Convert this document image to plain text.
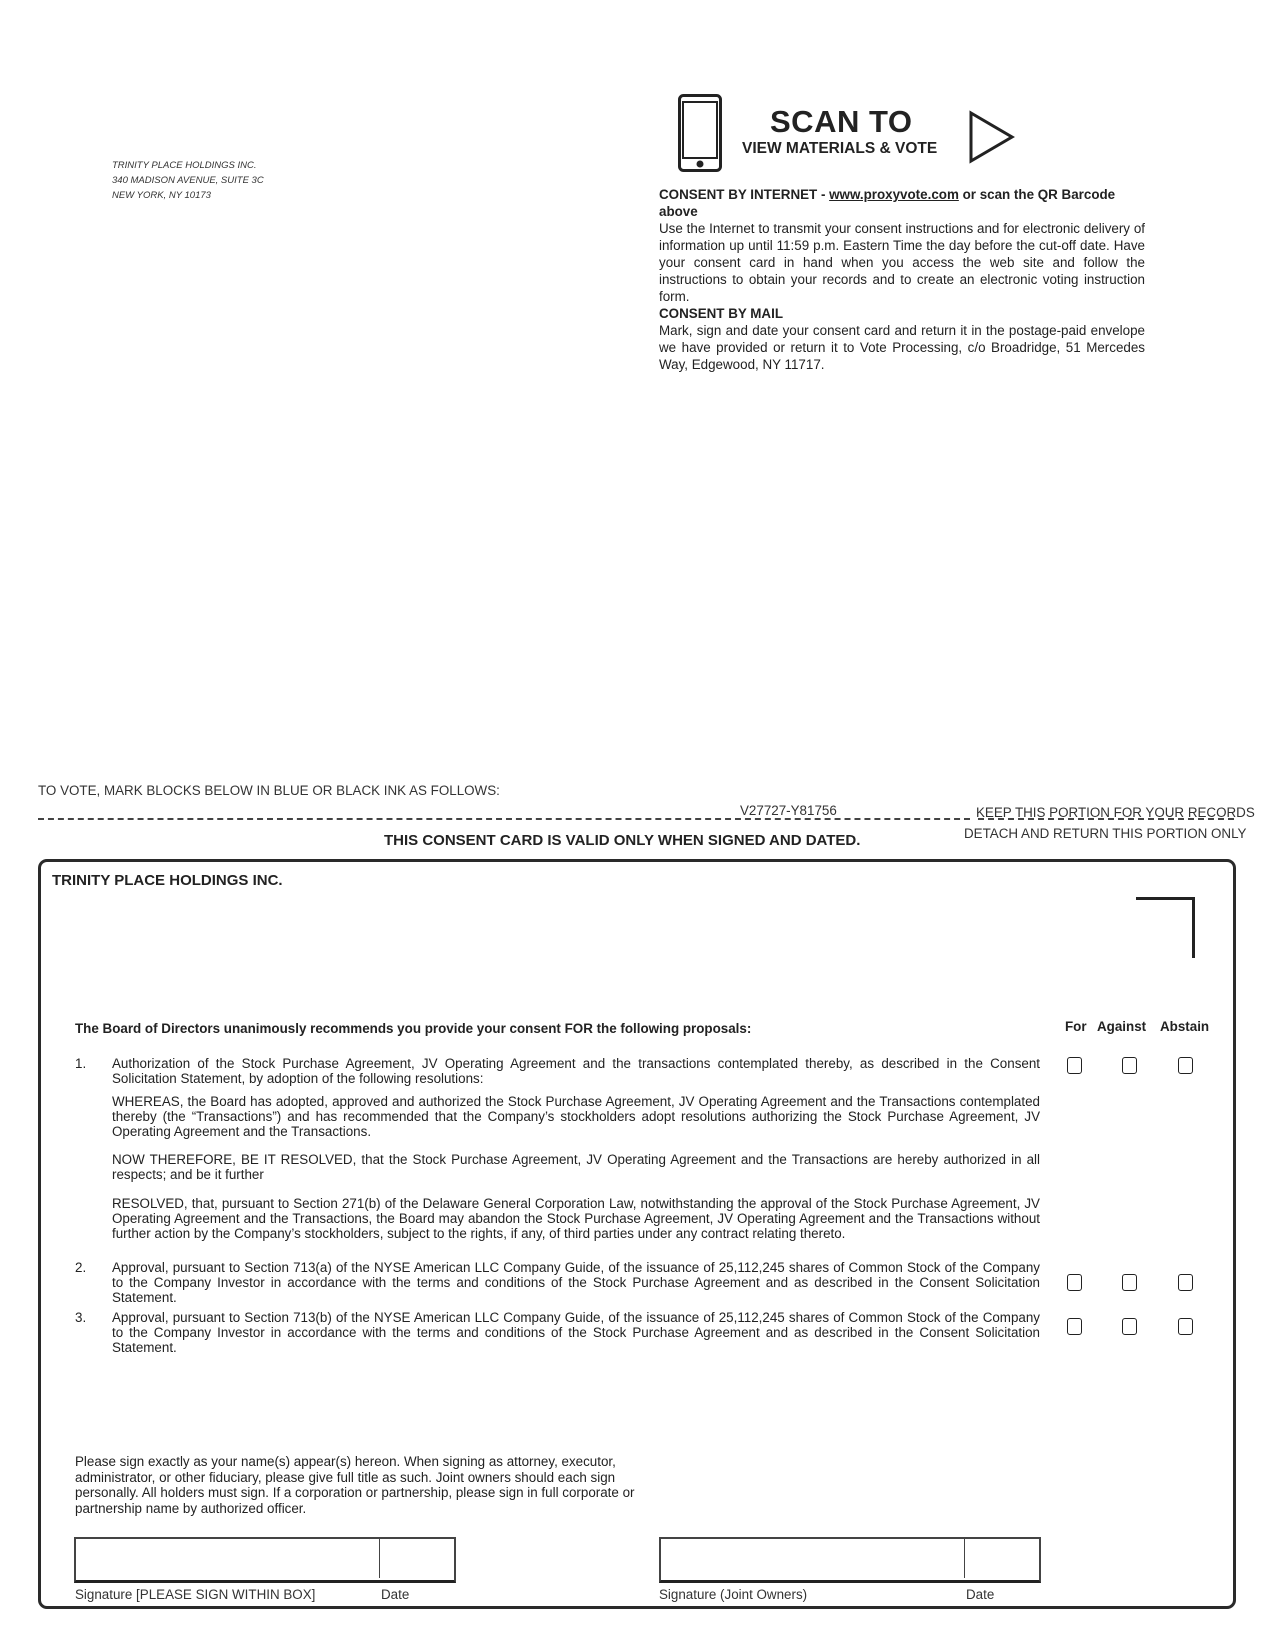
TRINITY PLACE HOLDINGS INC.
340 MADISON AVENUE, SUITE 3C
NEW YORK, NY 10173
SCAN TO
VIEW MATERIALS & VOTE
CONSENT BY INTERNET - www.proxyvote.com or scan the QR Barcode above
Use the Internet to transmit your consent instructions and for electronic delivery of information up until 11:59 p.m. Eastern Time the day before the cut-off date. Have your consent card in hand when you access the web site and follow the instructions to obtain your records and to create an electronic voting instruction form.
CONSENT BY MAIL
Mark, sign and date your consent card and return it in the postage-paid envelope we have provided or return it to Vote Processing, c/o Broadridge, 51 Mercedes Way, Edgewood, NY 11717.
TO VOTE, MARK BLOCKS BELOW IN BLUE OR BLACK INK AS FOLLOWS:
V27727-Y81756	KEEP THIS PORTION FOR YOUR RECORDS
THIS CONSENT CARD IS VALID ONLY WHEN SIGNED AND DATED.	DETACH AND RETURN THIS PORTION ONLY
TRINITY PLACE HOLDINGS INC.
The Board of Directors unanimously recommends you provide your consent FOR the following proposals:	For Against Abstain
1. Authorization of the Stock Purchase Agreement, JV Operating Agreement and the transactions contemplated thereby, as described in the Consent Solicitation Statement, by adoption of the following resolutions:
WHEREAS, the Board has adopted, approved and authorized the Stock Purchase Agreement, JV Operating Agreement and the Transactions contemplated thereby (the “Transactions”) and has recommended that the Company’s stockholders adopt resolutions authorizing the Stock Purchase Agreement, JV Operating Agreement and the Transactions.
NOW THEREFORE, BE IT RESOLVED, that the Stock Purchase Agreement, JV Operating Agreement and the Transactions are hereby authorized in all respects; and be it further
RESOLVED, that, pursuant to Section 271(b) of the Delaware General Corporation Law, notwithstanding the approval of the Stock Purchase Agreement, JV Operating Agreement and the Transactions, the Board may abandon the Stock Purchase Agreement, JV Operating Agreement and the Transactions without further action by the Company’s stockholders, subject to the rights, if any, of third parties under any contract relating thereto.
2. Approval, pursuant to Section 713(a) of the NYSE American LLC Company Guide, of the issuance of 25,112,245 shares of Common Stock of the Company to the Company Investor in accordance with the terms and conditions of the Stock Purchase Agreement and as described in the Consent Solicitation Statement.
3. Approval, pursuant to Section 713(b) of the NYSE American LLC Company Guide, of the issuance of 25,112,245 shares of Common Stock of the Company to the Company Investor in accordance with the terms and conditions of the Stock Purchase Agreement and as described in the Consent Solicitation Statement.
Please sign exactly as your name(s) appear(s) hereon. When signing as attorney, executor, administrator, or other fiduciary, please give full title as such. Joint owners should each sign personally. All holders must sign. If a corporation or partnership, please sign in full corporate or partnership name by authorized officer.
Signature [PLEASE SIGN WITHIN BOX]	Date	Signature (Joint Owners)	Date
